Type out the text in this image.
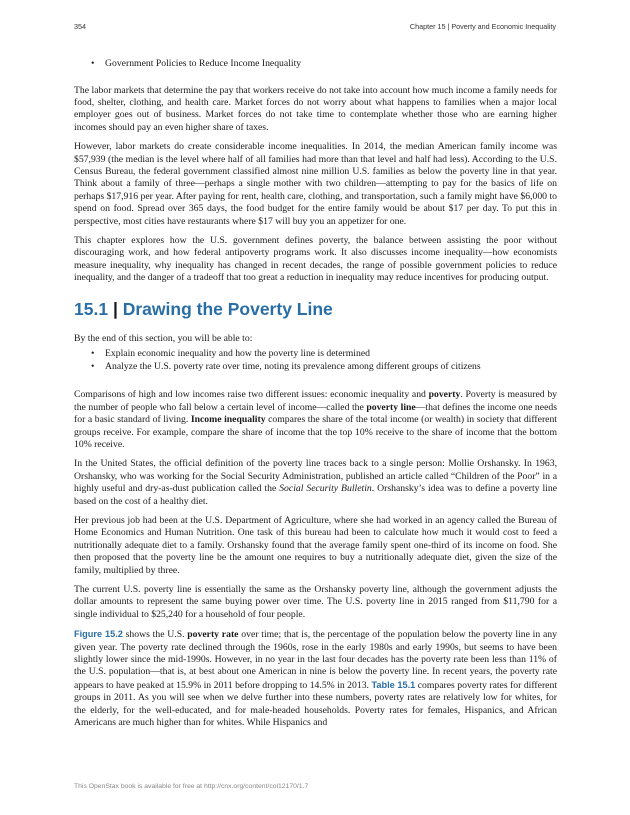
354	Chapter 15 | Poverty and Economic Inequality
• Government Policies to Reduce Income Inequality

The labor markets that determine the pay that workers receive do not take into account how much income a family needs for food, shelter, clothing, and health care. Market forces do not worry about what happens to families when a major local employer goes out of business. Market forces do not take time to contemplate whether those who are earning higher incomes should pay an even higher share of taxes.

However, labor markets do create considerable income inequalities. In 2014, the median American family income was $57,939 (the median is the level where half of all families had more than that level and half had less). According to the U.S. Census Bureau, the federal government classified almost nine million U.S. families as below the poverty line in that year. Think about a family of three—perhaps a single mother with two children—attempting to pay for the basics of life on perhaps $17,916 per year. After paying for rent, health care, clothing, and transportation, such a family might have $6,000 to spend on food. Spread over 365 days, the food budget for the entire family would be about $17 per day. To put this in perspective, most cities have restaurants where $17 will buy you an appetizer for one.

This chapter explores how the U.S. government defines poverty, the balance between assisting the poor without discouraging work, and how federal antipoverty programs work. It also discusses income inequality—how economists measure inequality, why inequality has changed in recent decades, the range of possible government policies to reduce inequality, and the danger of a tradeoff that too great a reduction in inequality may reduce incentives for producing output.

15.1 | Drawing the Poverty Line

By the end of this section, you will be able to:

• Explain economic inequality and how the poverty line is determined
• Analyze the U.S. poverty rate over time, noting its prevalence among different groups of citizens

Comparisons of high and low incomes raise two different issues: economic inequality and poverty. Poverty is measured by the number of people who fall below a certain level of income—called the poverty line—that defines the income one needs for a basic standard of living. Income inequality compares the share of the total income (or wealth) in society that different groups receive. For example, compare the share of income that the top 10% receive to the share of income that the bottom 10% receive.

In the United States, the official definition of the poverty line traces back to a single person: Mollie Orshansky. In 1963, Orshansky, who was working for the Social Security Administration, published an article called “Children of the Poor” in a highly useful and dry-as-dust publication called the Social Security Bulletin. Orshansky’s idea was to define a poverty line based on the cost of a healthy diet.

Her previous job had been at the U.S. Department of Agriculture, where she had worked in an agency called the Bureau of Home Economics and Human Nutrition. One task of this bureau had been to calculate how much it would cost to feed a nutritionally adequate diet to a family. Orshansky found that the average family spent one-third of its income on food. She then proposed that the poverty line be the amount one requires to buy a nutritionally adequate diet, given the size of the family, multiplied by three.

The current U.S. poverty line is essentially the same as the Orshansky poverty line, although the government adjusts the dollar amounts to represent the same buying power over time. The U.S. poverty line in 2015 ranged from $11,790 for a single individual to $25,240 for a household of four people.

Figure 15.2 shows the U.S. poverty rate over time; that is, the percentage of the population below the poverty line in any given year. The poverty rate declined through the 1960s, rose in the early 1980s and early 1990s, but seems to have been slightly lower since the mid-1990s. However, in no year in the last four decades has the poverty rate been less than 11% of the U.S. population—that is, at best about one American in nine is below the poverty line. In recent years, the poverty rate appears to have peaked at 15.9% in 2011 before dropping to 14.5% in 2013. Table 15.1 compares poverty rates for different groups in 2011. As you will see when we delve further into these numbers, poverty rates are relatively low for whites, for the elderly, for the well-educated, and for male-headed households. Poverty rates for females, Hispanics, and African Americans are much higher than for whites. While Hispanics and

This OpenStax book is available for free at http://cnx.org/content/col12170/1.7
